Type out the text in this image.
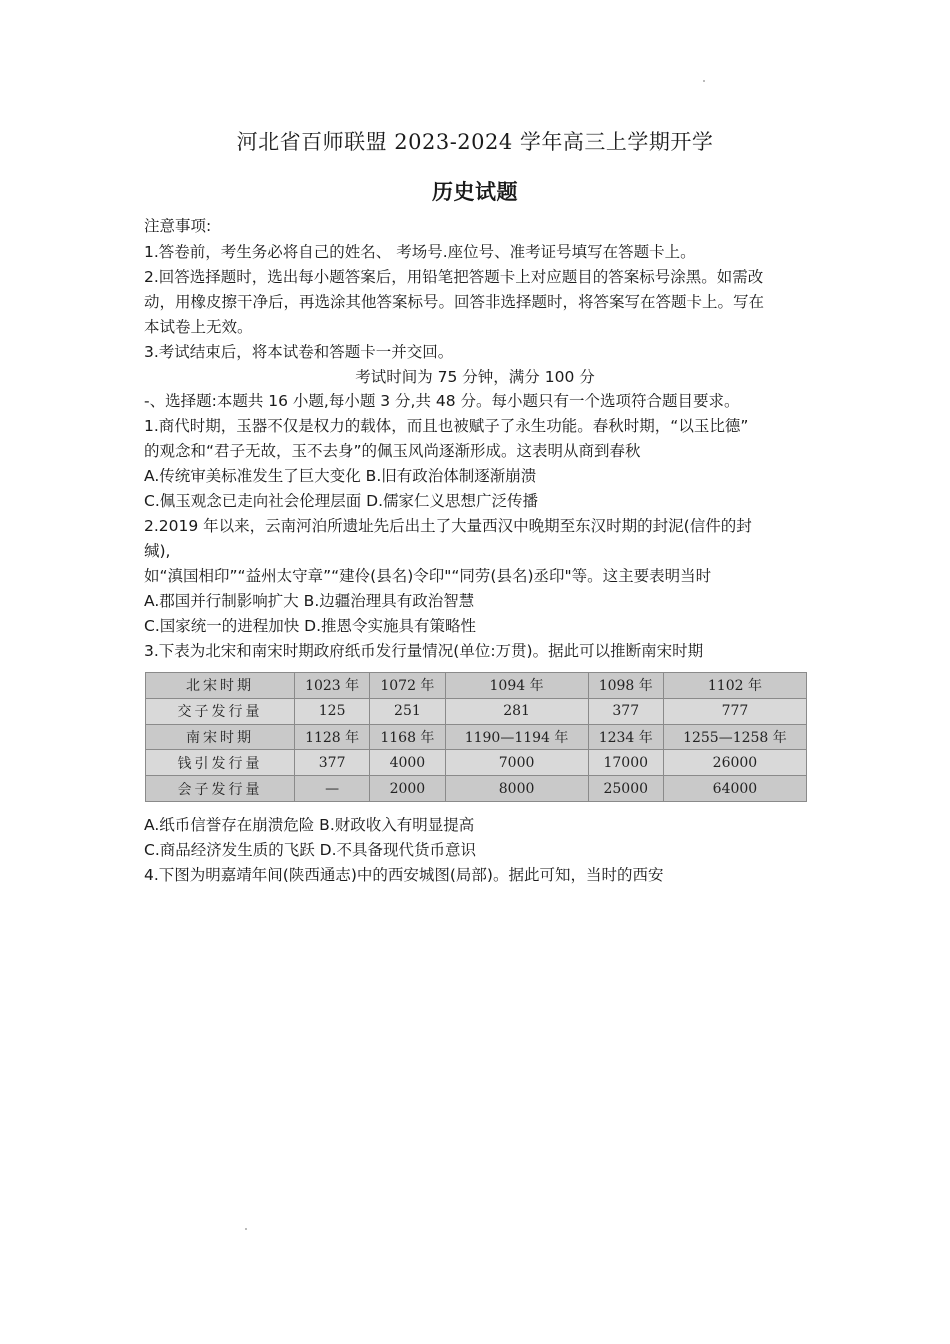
河北省百师联盟 2023-2024 学年高三上学期开学
历史试题
注意事项:
1.答卷前，考生务必将自己的姓名、 考场号.座位号、准考证号填写在答题卡上。
2.回答选择题时，选出每小题答案后，用铅笔把答题卡上对应题目的答案标号涂黑。如需改
动，用橡皮擦干净后，再选涂其他答案标号。回答非选择题时，将答案写在答题卡上。写在
本试卷上无效。
3.考试结束后，将本试卷和答题卡一并交回。
考试时间为 75 分钟，满分 100 分
-、选择题:本题共 16 小题,每小题 3 分,共 48 分。每小题只有一个选项符合题目要求。
1.商代时期，玉器不仅是权力的载体，而且也被赋子了永生功能。春秋时期，“以玉比德”
的观念和“君子无故，玉不去身”的佩玉风尚逐渐形成。这表明从商到春秋
A.传统审美标准发生了巨大变化 B.旧有政治体制逐渐崩溃
C.佩玉观念已走向社会伦理层面 D.儒家仁义思想广泛传播
2.2019 年以来，云南河泊所遗址先后出土了大量西汉中晚期至东汉时期的封泥(信件的封
缄),
如“滇国相印”“益州太守章”“建伶(县名)令印"“同劳(县名)丞印"等。这主要表明当时
A.郡国并行制影响扩大 B.边疆治理具有政治智慧
C.国家统一的进程加快 D.推恩令实施具有策略性
3.下表为北宋和南宋时期政府纸币发行量情况(单位:万贯)。据此可以推断南宋时期
北宋时期	1023 年	1072 年	1094 年	1098 年	1102 年
交子发行量	125	251	281	377	777
南宋时期	1128 年	1168 年	1190—1194 年	1234 年	1255—1258 年
钱引发行量	377	4000	7000	17000	26000
会子发行量	—	2000	8000	25000	64000
A.纸币信誉存在崩溃危险 B.财政收入有明显提高
C.商品经济发生质的飞跃 D.不具备现代货币意识
4.下图为明嘉靖年间(陕西通志)中的西安城图(局部)。据此可知，当时的西安
